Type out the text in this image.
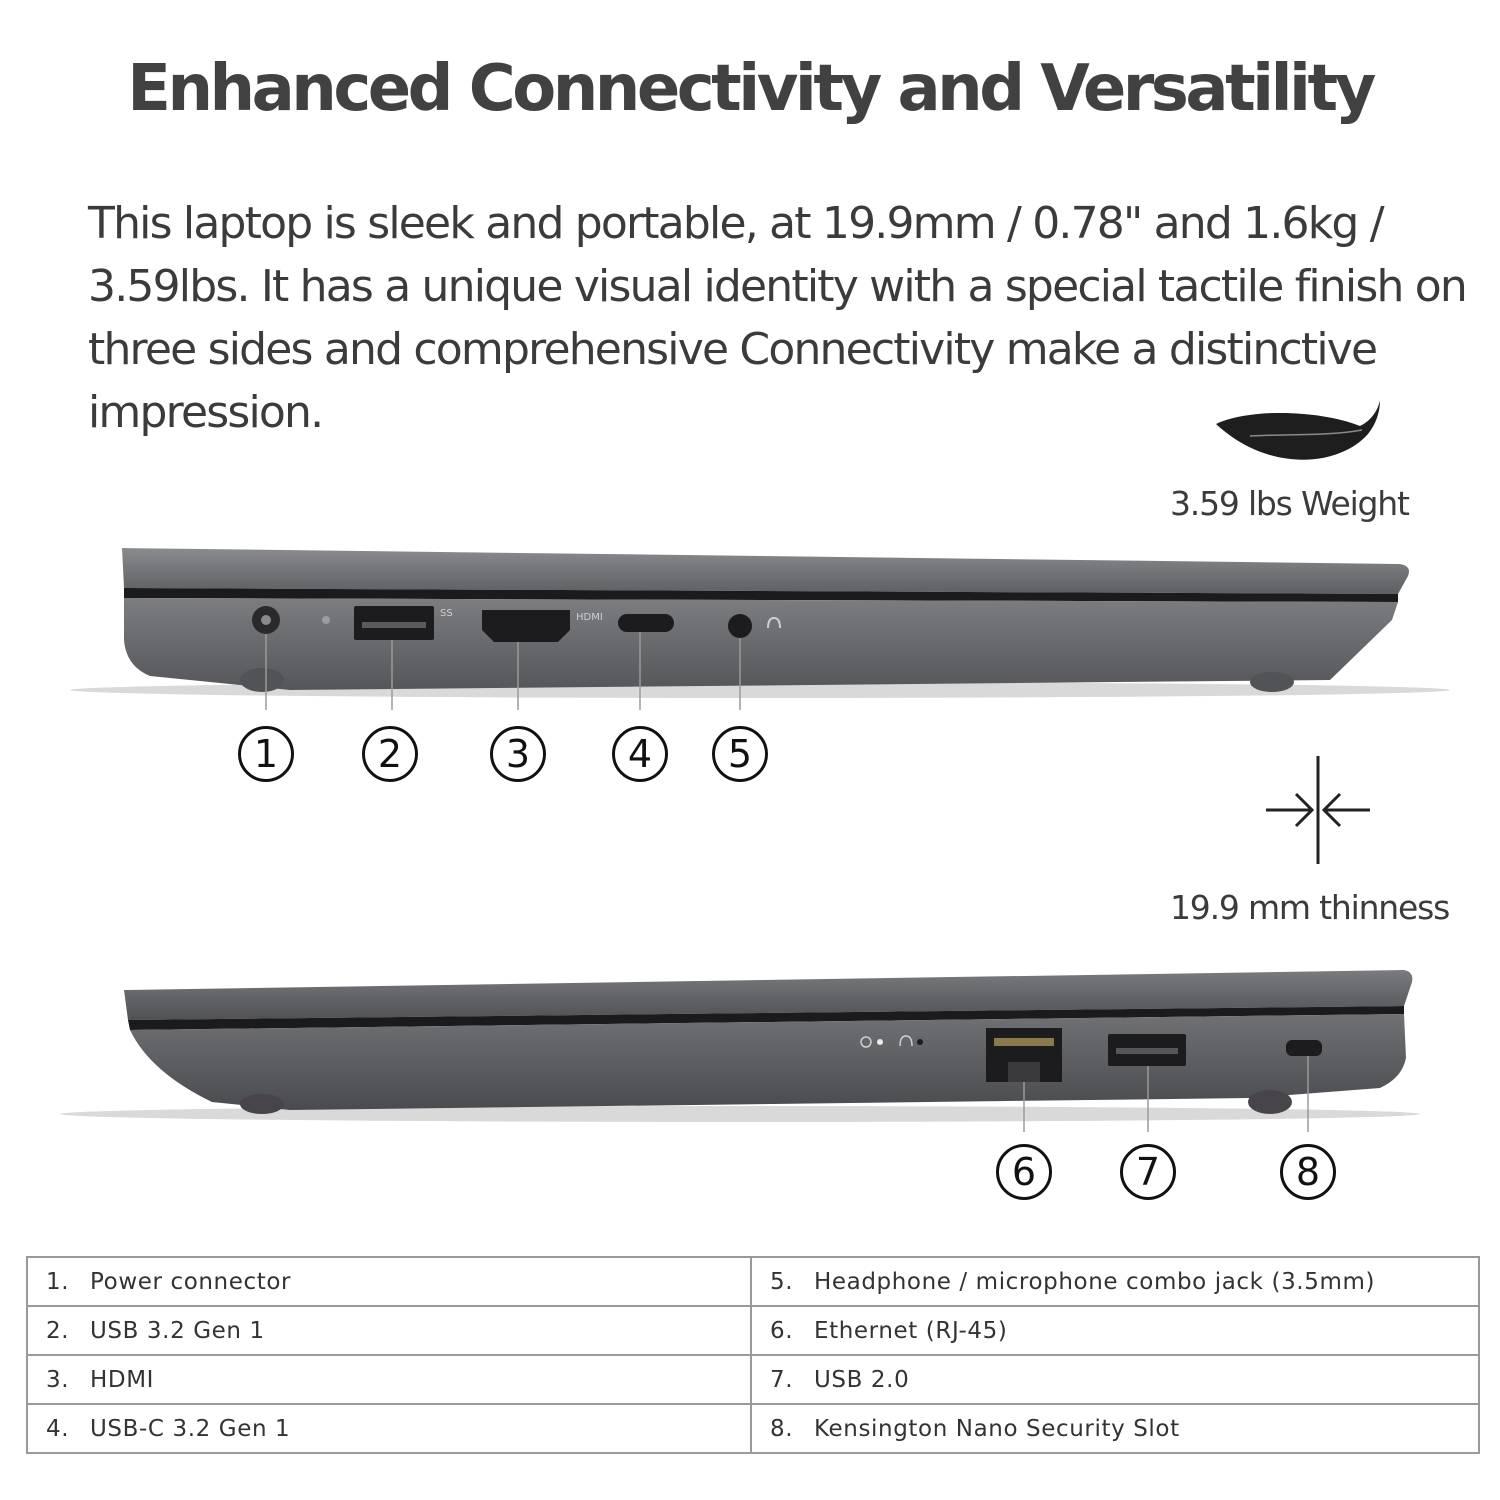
Enhanced Connectivity and Versatility

This laptop is sleek and portable, at 19.9mm / 0.78" and 1.6kg / 3.59lbs. It has a unique visual identity with a special tactile finish on three sides and comprehensive Connectivity make a distinctive impression.

3.59 lbs Weight
19.9 mm thinness
SS	HDMI
1	2	3	4	5
6	7	8
1. Power connector	5. Headphone / microphone combo jack (3.5mm)
2. USB 3.2 Gen 1	6. Ethernet (RJ-45)
3. HDMI	7. USB 2.0
4. USB-C 3.2 Gen 1	8. Kensington Nano Security Slot
